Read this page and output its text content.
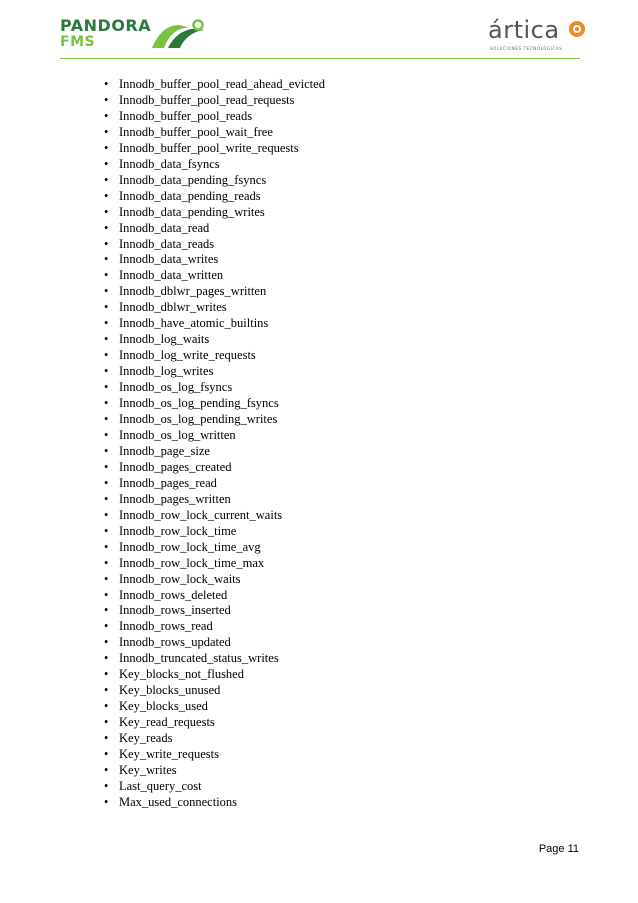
PANDORA
FMS	ártica
SOLUCIONES TECNOLÓGICAS
• Innodb_buffer_pool_read_ahead_evicted
• Innodb_buffer_pool_read_requests
• Innodb_buffer_pool_reads
• Innodb_buffer_pool_wait_free
• Innodb_buffer_pool_write_requests
• Innodb_data_fsyncs
• Innodb_data_pending_fsyncs
• Innodb_data_pending_reads
• Innodb_data_pending_writes
• Innodb_data_read
• Innodb_data_reads
• Innodb_data_writes
• Innodb_data_written
• Innodb_dblwr_pages_written
• Innodb_dblwr_writes
• Innodb_have_atomic_builtins
• Innodb_log_waits
• Innodb_log_write_requests
• Innodb_log_writes
• Innodb_os_log_fsyncs
• Innodb_os_log_pending_fsyncs
• Innodb_os_log_pending_writes
• Innodb_os_log_written
• Innodb_page_size
• Innodb_pages_created
• Innodb_pages_read
• Innodb_pages_written
• Innodb_row_lock_current_waits
• Innodb_row_lock_time
• Innodb_row_lock_time_avg
• Innodb_row_lock_time_max
• Innodb_row_lock_waits
• Innodb_rows_deleted
• Innodb_rows_inserted
• Innodb_rows_read
• Innodb_rows_updated
• Innodb_truncated_status_writes
• Key_blocks_not_flushed
• Key_blocks_unused
• Key_blocks_used
• Key_read_requests
• Key_reads
• Key_write_requests
• Key_writes
• Last_query_cost
• Max_used_connections
Page 11
